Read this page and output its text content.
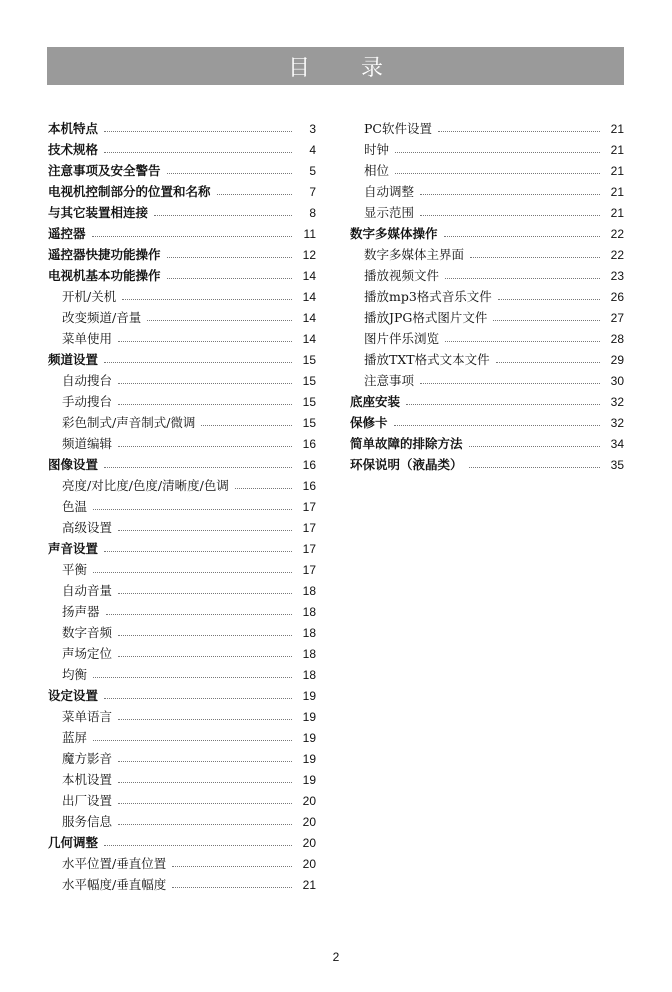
目 录
本机特点	3
技术规格	4
注意事项及安全警告	5
电视机控制部分的位置和名称	7
与其它装置相连接	8
遥控器	11
遥控器快捷功能操作	12
电视机基本功能操作	14
开机/关机	14
改变频道/音量	14
菜单使用	14
频道设置	15
自动搜台	15
手动搜台	15
彩色制式/声音制式/微调	15
频道编辑	16
图像设置	16
亮度/对比度/色度/清晰度/色调	16
色温	17
高级设置	17
声音设置	17
平衡	17
自动音量	18
扬声器	18
数字音频	18
声场定位	18
均衡	18
设定设置	19
菜单语言	19
蓝屏	19
魔方影音	19
本机设置	19
出厂设置	20
服务信息	20
几何调整	20
水平位置/垂直位置	20
水平幅度/垂直幅度	21
PC软件设置	21
时钟	21
相位	21
自动调整	21
显示范围	21
数字多媒体操作	22
数字多媒体主界面	22
播放视频文件	23
播放mp3格式音乐文件	26
播放JPG格式图片文件	27
图片伴乐浏览	28
播放TXT格式文本文件	29
注意事项	30
底座安装	32
保修卡	32
简单故障的排除方法	34
环保说明（液晶类）	35
2
